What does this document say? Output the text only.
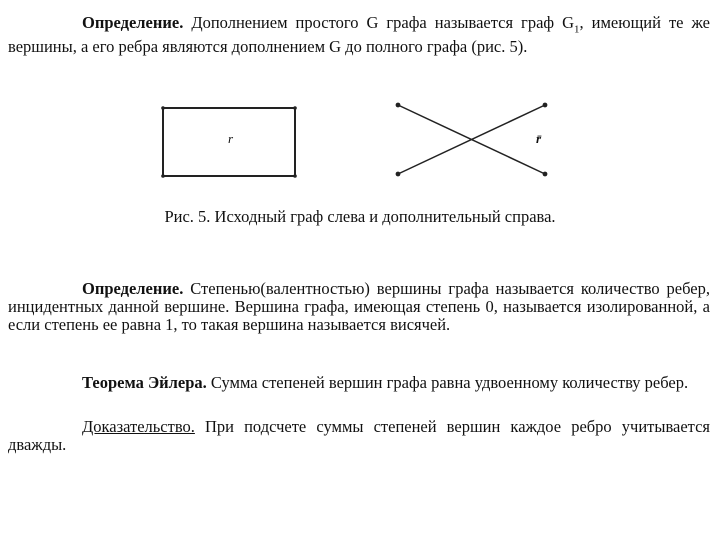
Определение. Дополнением простого G графа называется граф $G_1$, имеющий те же вершины, а его ребра являются дополнением G до полного графа (рис. 5).
r	r̄
Рис. 5. Исходный граф слева и дополнительный справа.
Определение. Степенью(валентностью) вершины графа называется количество ребер, инцидентных данной вершине. Вершина графа, имеющая степень 0, называется изолированной, а если степень ее равна 1, то такая вершина называется висячей.
Теорема Эйлера. Сумма степеней вершин графа равна удвоенному количеству ребер.
Доказательство. При подсчете суммы степеней вершин каждое ребро учитывается дважды.
